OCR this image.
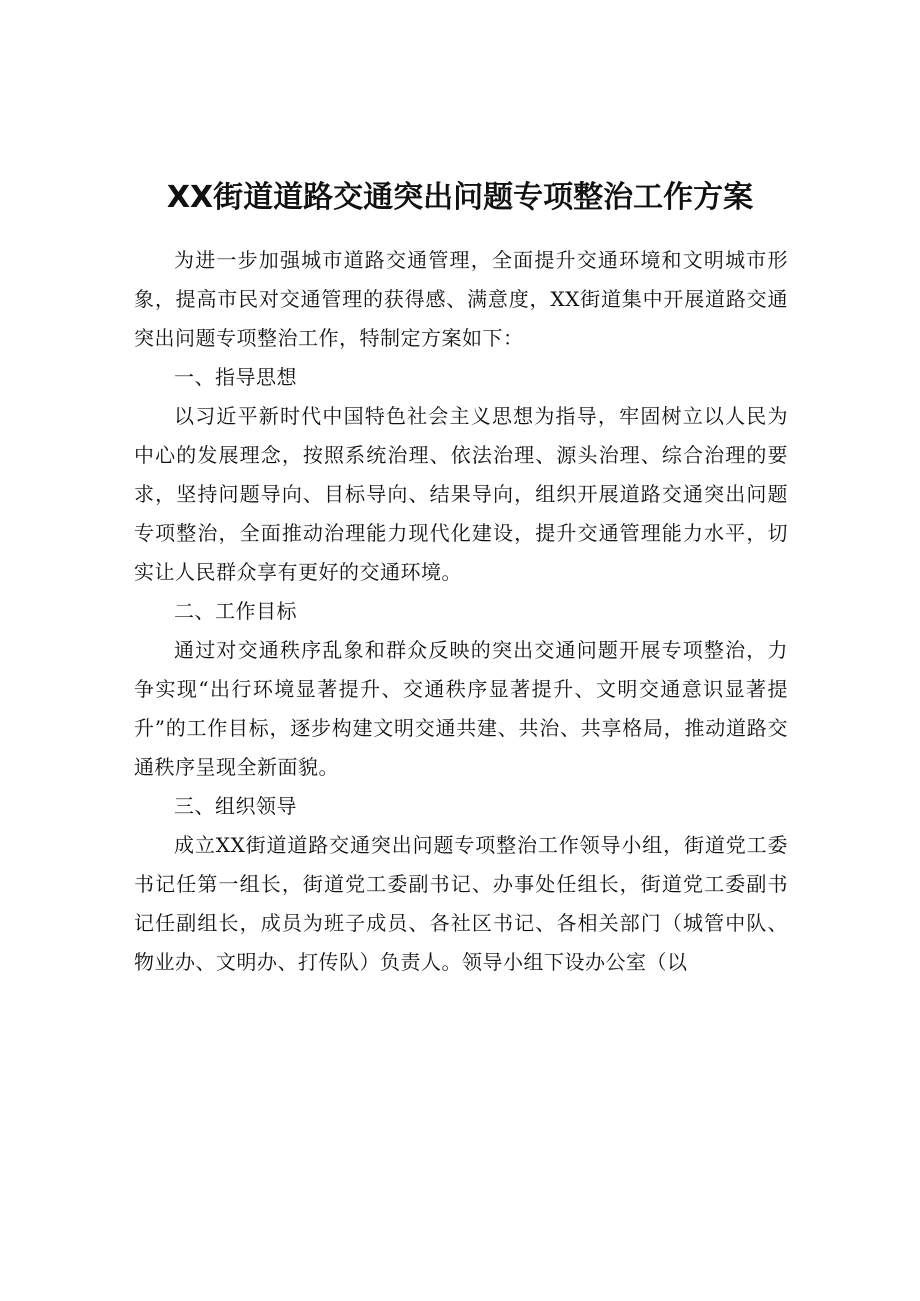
XX街道道路交通突出问题专项整治工作方案

为进一步加强城市道路交通管理，全面提升交通环境和文明城市形象，提高市民对交通管理的获得感、满意度，XX街道集中开展道路交通突出问题专项整治工作，特制定方案如下：

一、指导思想

以习近平新时代中国特色社会主义思想为指导，牢固树立以人民为中心的发展理念，按照系统治理、依法治理、源头治理、综合治理的要求，坚持问题导向、目标导向、结果导向，组织开展道路交通突出问题专项整治，全面推动治理能力现代化建设，提升交通管理能力水平，切实让人民群众享有更好的交通环境。

二、工作目标

通过对交通秩序乱象和群众反映的突出交通问题开展专项整治，力争实现“出行环境显著提升、交通秩序显著提升、文明交通意识显著提升”的工作目标，逐步构建文明交通共建、共治、共享格局，推动道路交通秩序呈现全新面貌。

三、组织领导

成立XX街道道路交通突出问题专项整治工作领导小组，街道党工委书记任第一组长，街道党工委副书记、办事处任组长，街道党工委副书记任副组长，成员为班子成员、各社区书记、各相关部门（城管中队、物业办、文明办、打传队）负责人。领导小组下设办公室（以
